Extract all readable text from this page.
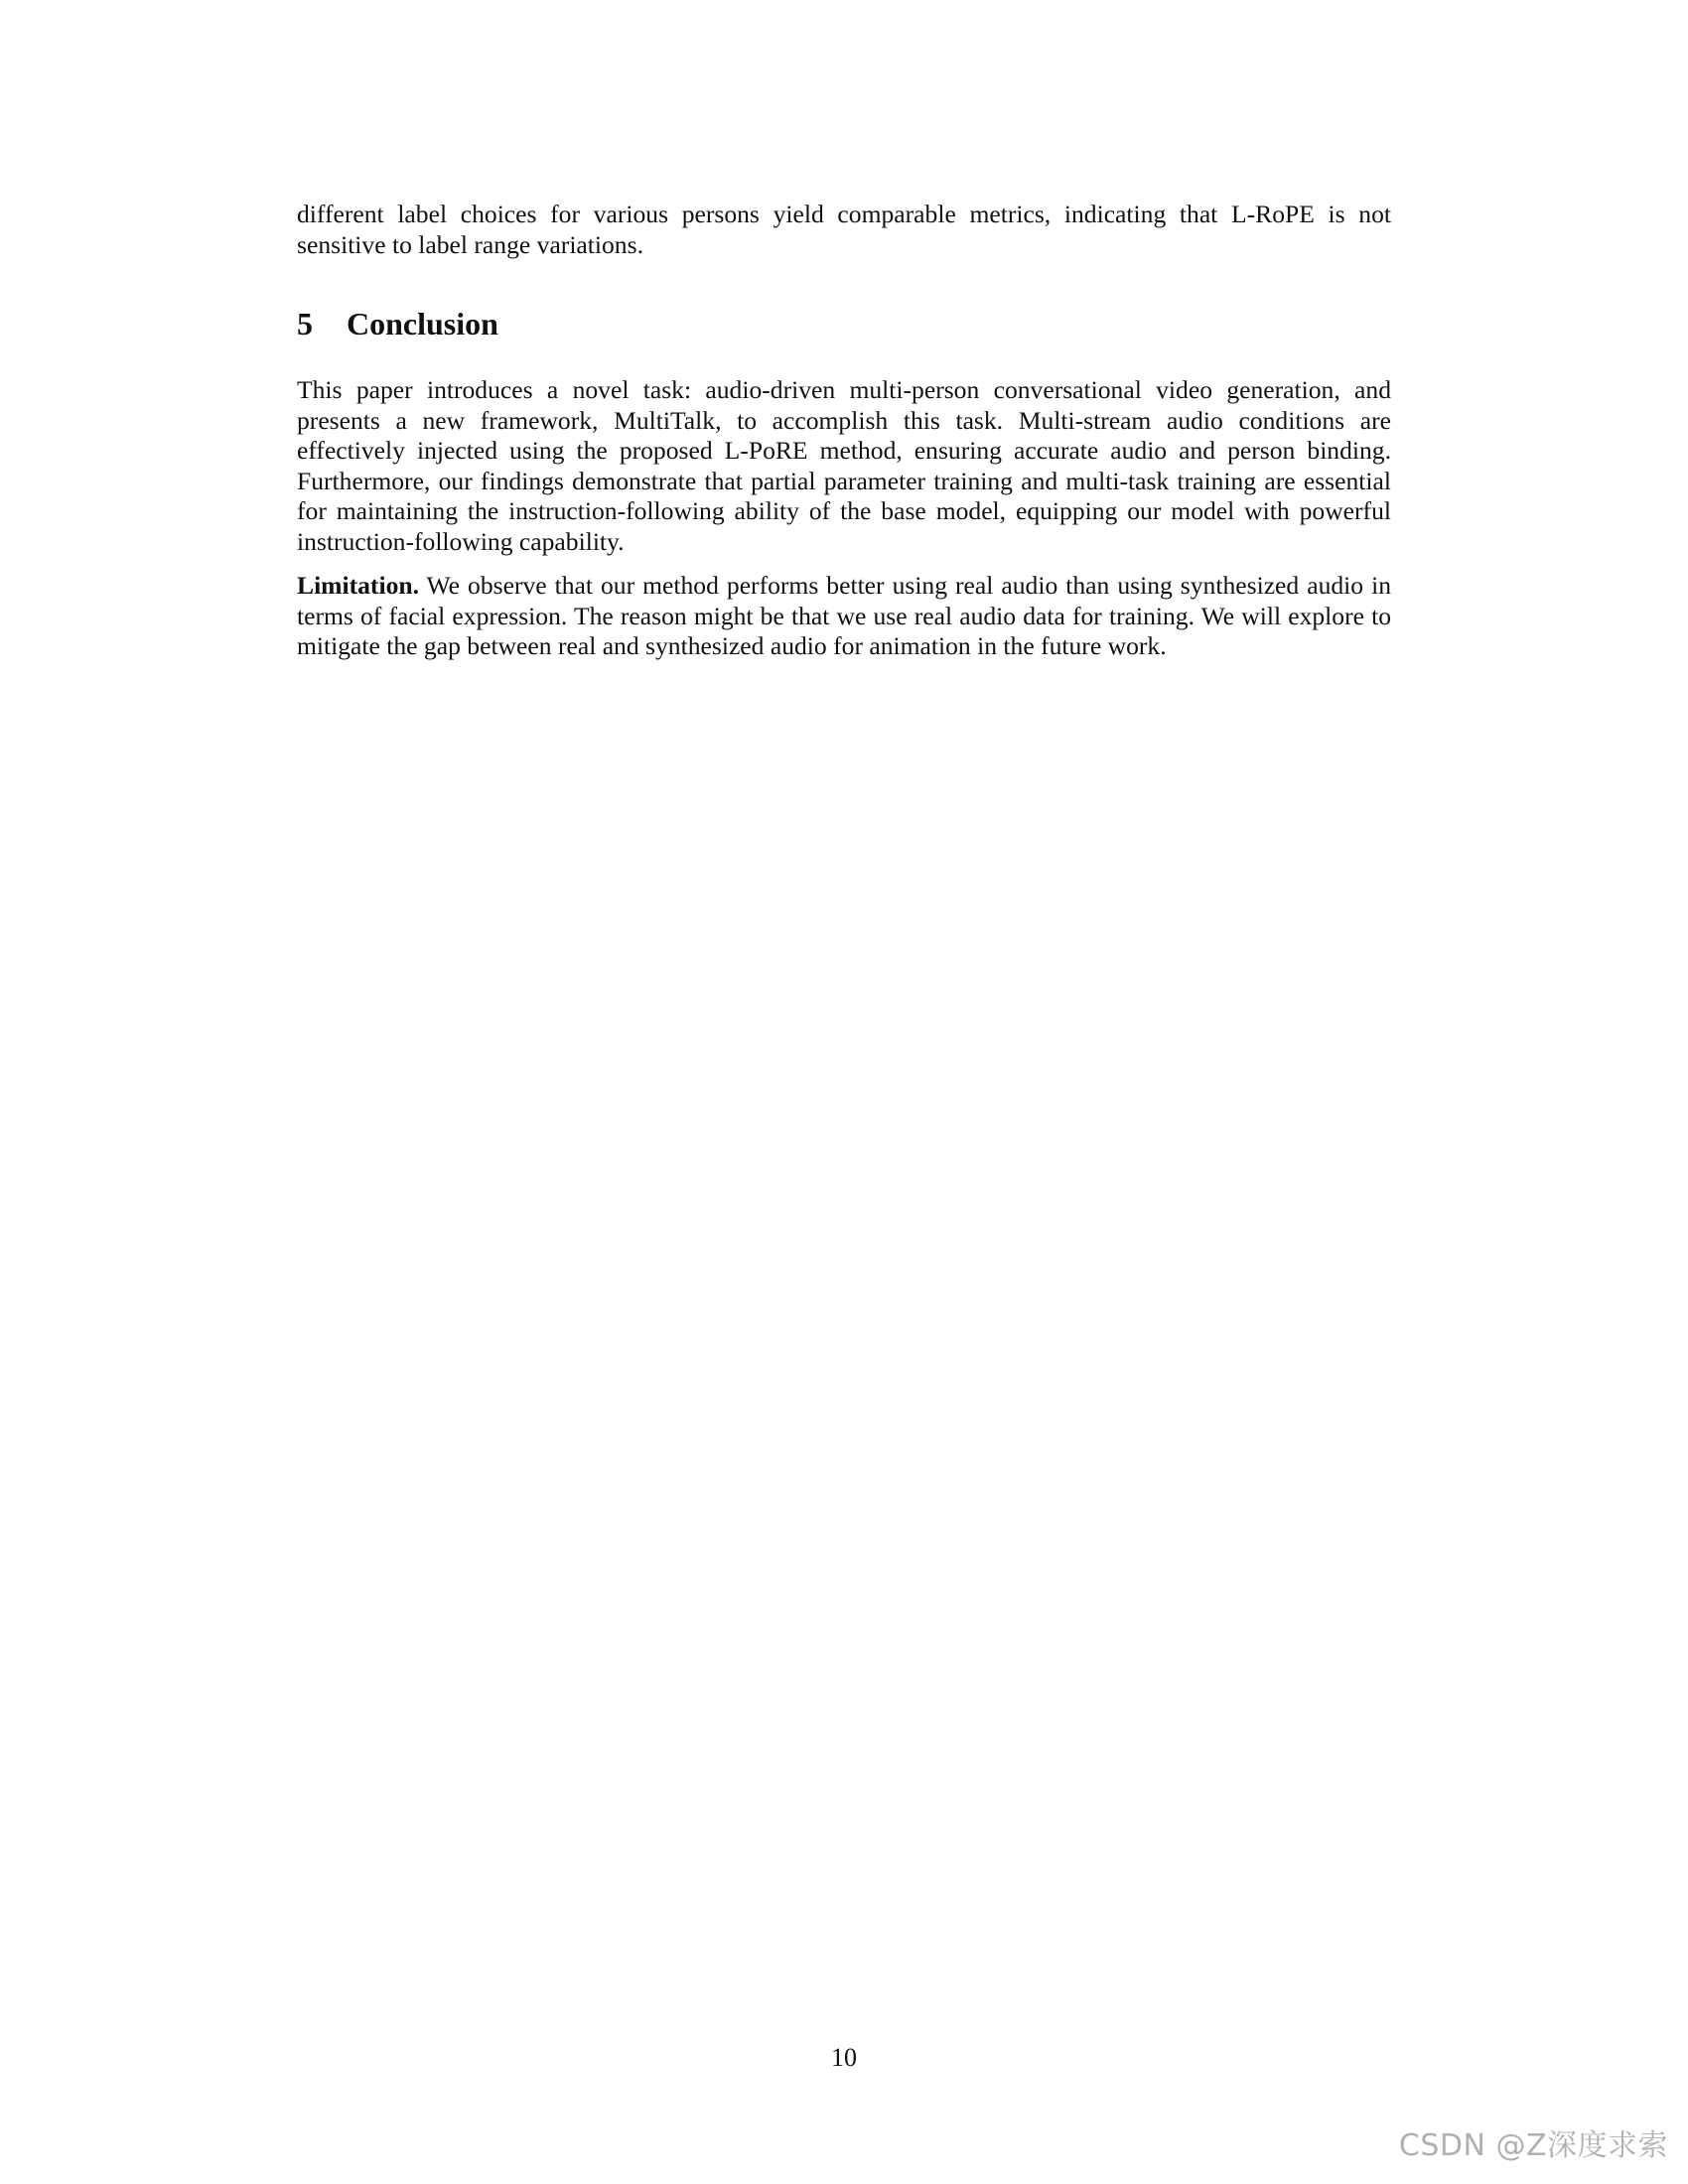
different label choices for various persons yield comparable metrics, indicating that L-RoPE is not sensitive to label range variations.

5	Conclusion

This paper introduces a novel task: audio-driven multi-person conversational video generation, and presents a new framework, MultiTalk, to accomplish this task. Multi-stream audio conditions are effectively injected using the proposed L-PoRE method, ensuring accurate audio and person binding. Furthermore, our findings demonstrate that partial parameter training and multi-task training are essential for maintaining the instruction-following ability of the base model, equipping our model with powerful instruction-following capability.

Limitation. We observe that our method performs better using real audio than using synthesized audio in terms of facial expression. The reason might be that we use real audio data for training. We will explore to mitigate the gap between real and synthesized audio for animation in the future work.

10
CSDN @Z深度求索
